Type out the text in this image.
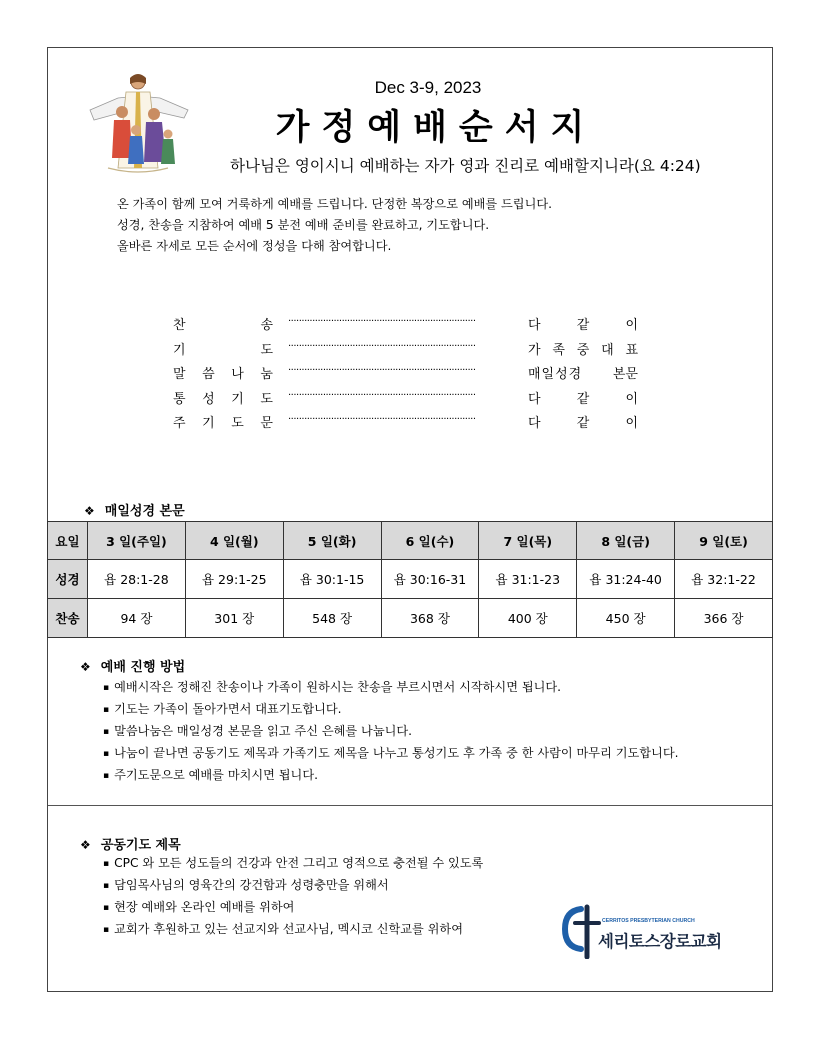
Dec 3-9, 2023
가정예배순서지
하나님은 영이시니 예배하는 자가 영과 진리로 예배할지니라(요 4:24)
온 가족이 함께 모여 거룩하게 예배를 드립니다. 단정한 복장으로 예배를 드립니다.
성경, 찬송을 지참하여 예배 5 분전 예배 준비를 완료하고, 기도합니다.
올바른 자세로 모든 순서에 정성을 다해 참여합니다.
찬	송 ······································································	다	같	이
기	도 ······································································	가 족 중 대 표
말 씀 나 눔 ······································································	매일성경 본문
통 성 기 도 ······································································	다	같	이
주 기 도 문 ······································································	다	같	이
❖ 매일성경 본문
요일	3 일(주일)	4 일(월)	5 일(화)	6 일(수)	7 일(목)	8 일(금)	9 일(토)
성경	욥 28:1-28	욥 29:1-25	욥 30:1-15	욥 30:16-31	욥 31:1-23	욥 31:24-40	욥 32:1-22
찬송	94 장	301 장	548 장	368 장	400 장	450 장	366 장
❖ 예배 진행 방법
▪ 예배시작은 정해진 찬송이나 가족이 원하시는 찬송을 부르시면서 시작하시면 됩니다.
▪ 기도는 가족이 돌아가면서 대표기도합니다.
▪ 말씀나눔은 매일성경 본문을 읽고 주신 은혜를 나눕니다.
▪ 나눔이 끝나면 공동기도 제목과 가족기도 제목을 나누고 통성기도 후 가족 중 한 사람이 마무리 기도합니다.
▪ 주기도문으로 예배를 마치시면 됩니다.
❖ 공동기도 제목
▪ CPC 와 모든 성도들의 건강과 안전 그리고 영적으로 충전될 수 있도록
▪ 담임목사님의 영육간의 강건함과 성령충만을 위해서
▪ 현장 예배와 온라인 예배를 위하여
▪ 교회가 후원하고 있는 선교지와 선교사님, 멕시코 신학교를 위하여
CERRITOS PRESBYTERIAN CHURCH
세리토스장로교회
